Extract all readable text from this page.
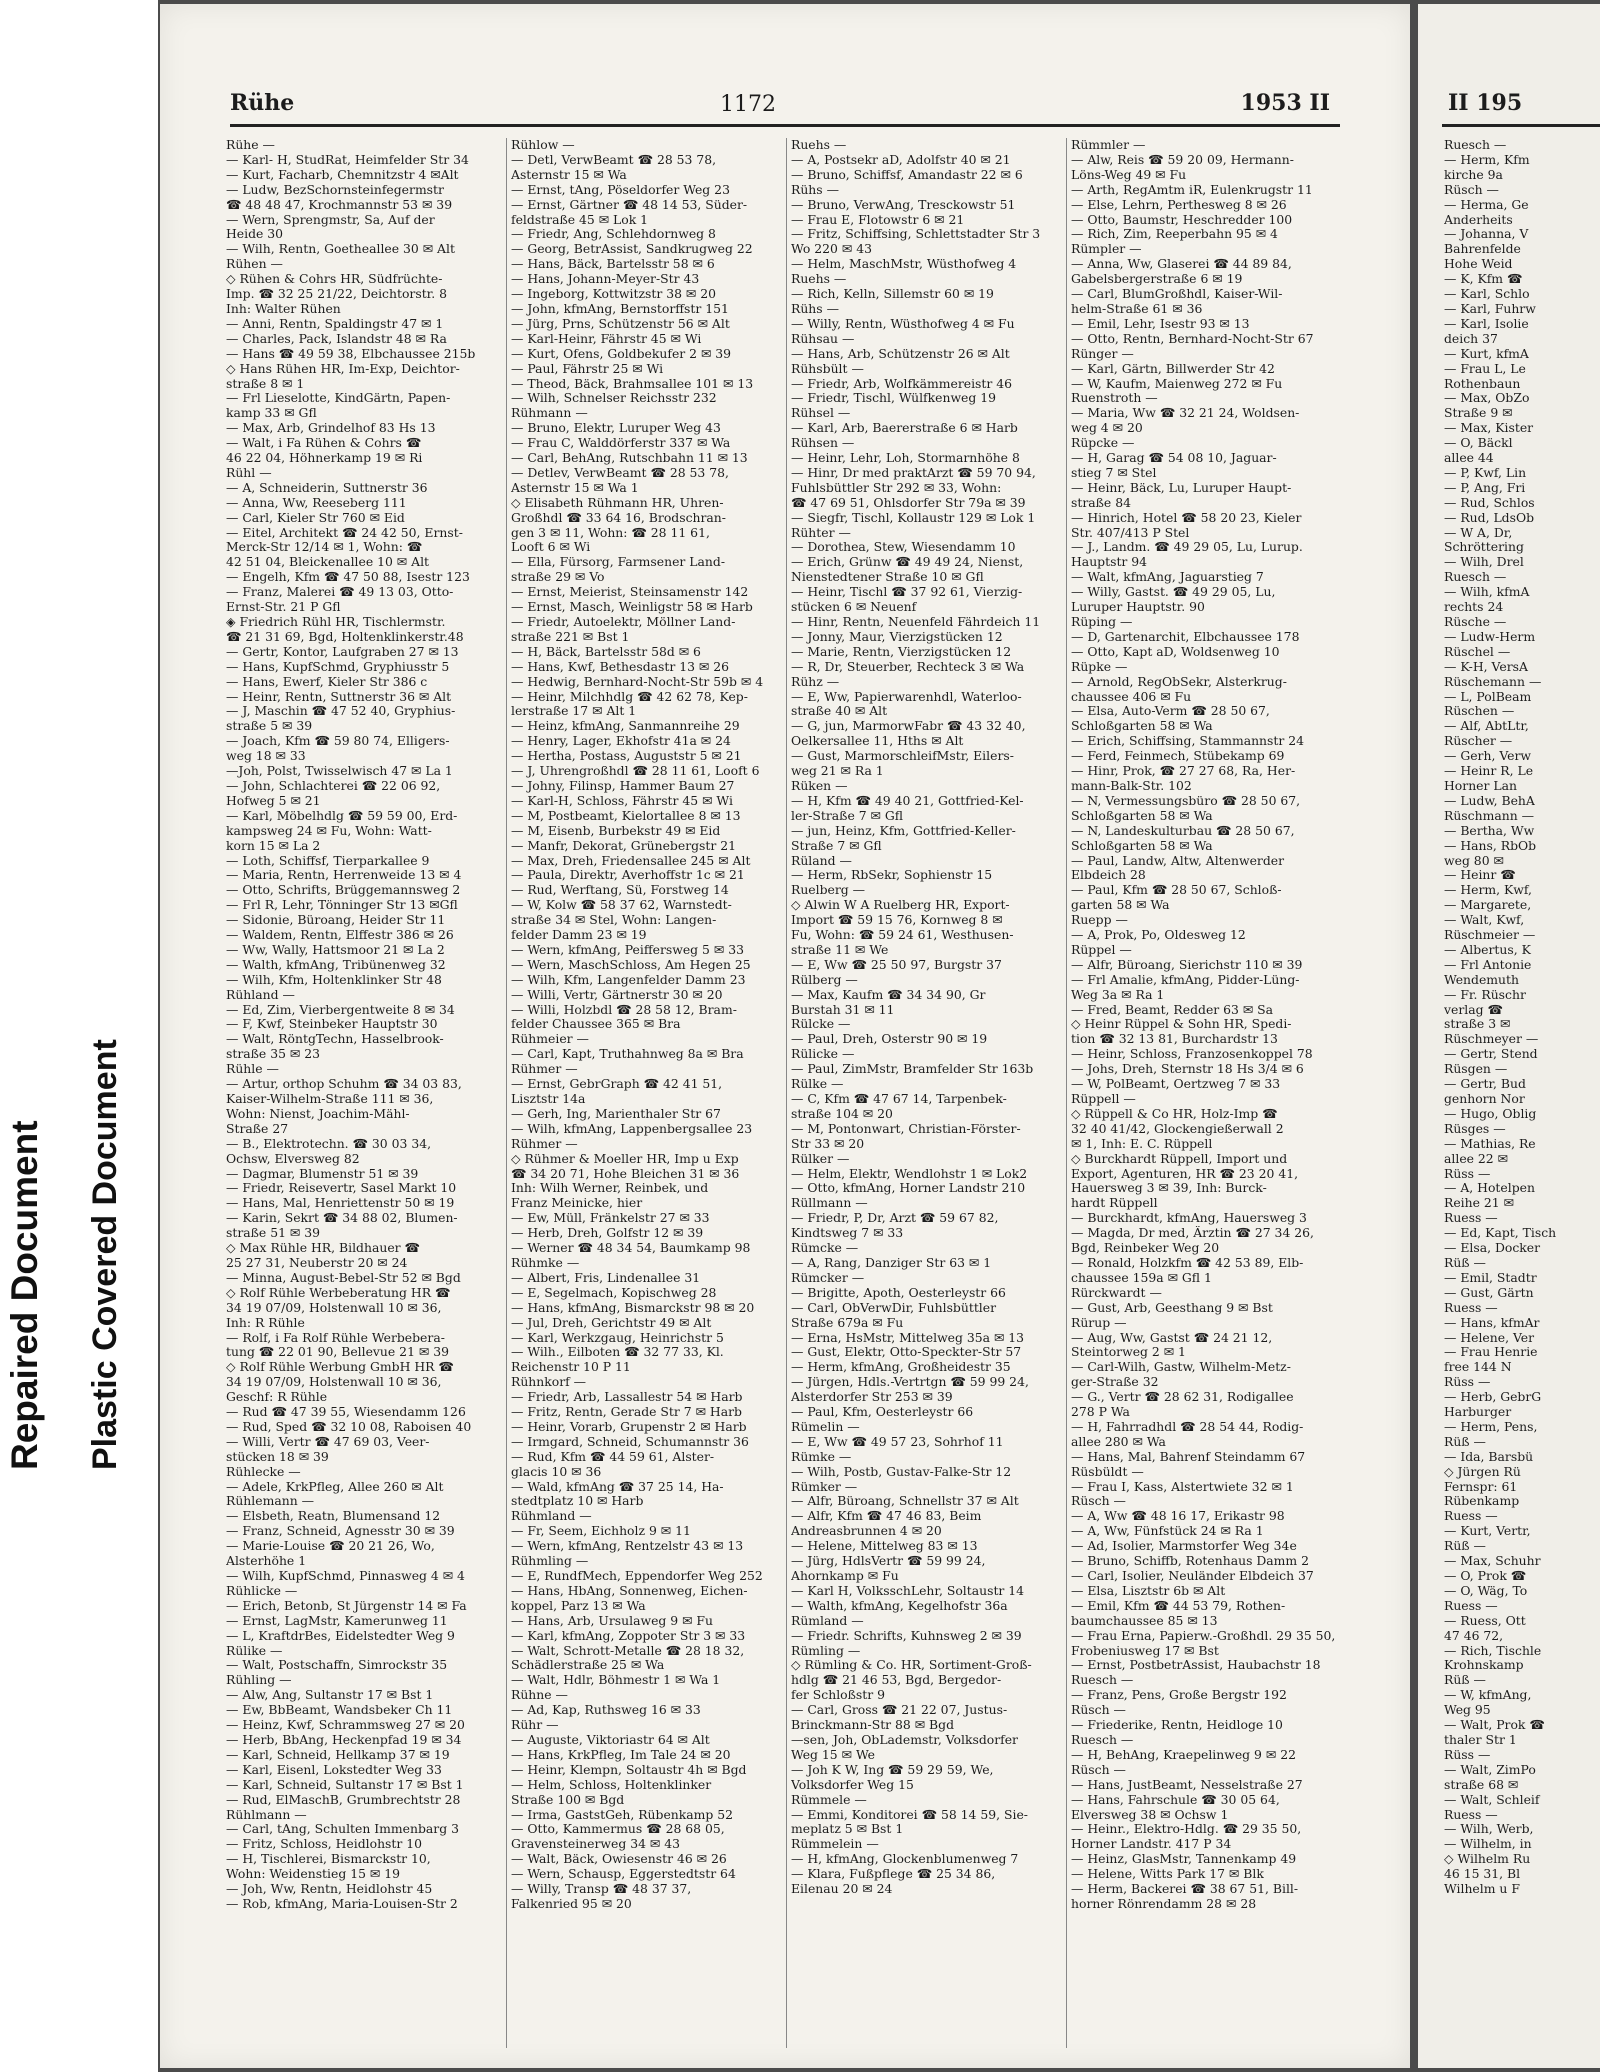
Repaired Document Plastic Covered Document
Rühe	1172	1953 II
Rühe —
— Karl- H, StudRat, Heimfelder Str 34
— Kurt, Facharb, Chemnitzstr 4 ✉Alt
— Ludw, BezSchornsteinfegermstr
☎ 48 48 47, Krochmannstr 53 ✉ 39
— Wern, Sprengmstr, Sa, Auf der
Heide 30
— Wilh, Rentn, Goetheallee 30 ✉ Alt
Rühen —
◇ Rühen & Cohrs HR, Südfrüchte-
Imp. ☎ 32 25 21/22, Deichtorstr. 8
Inh: Walter Rühen
— Anni, Rentn, Spaldingstr 47 ✉ 1
— Charles, Pack, Islandstr 48 ✉ Ra
— Hans ☎ 49 59 38, Elbchaussee 215b
◇ Hans Rühen HR, Im-Exp, Deichtor-
straße 8 ✉ 1
— Frl Lieselotte, KindGärtn, Papen-
kamp 33 ✉ Gfl
— Max, Arb, Grindelhof 83 Hs 13
— Walt, i Fa Rühen & Cohrs ☎
46 22 04, Höhnerkamp 19 ✉ Ri
Rühl —
— A, Schneiderin, Suttnerstr 36
— Anna, Ww, Reeseberg 111
— Carl, Kieler Str 760 ✉ Eid
— Eitel, Architekt ☎ 24 42 50, Ernst-
Merck-Str 12/14 ✉ 1, Wohn: ☎
42 51 04, Bleickenallee 10 ✉ Alt
— Engelh, Kfm ☎ 47 50 88, Isestr 123
— Franz, Malerei ☎ 49 13 03, Otto-
Ernst-Str. 21 P Gfl
◈ Friedrich Rühl HR, Tischlermstr.
☎ 21 31 69, Bgd, Holtenklinkerstr.48
— Gertr, Kontor, Laufgraben 27 ✉ 13
— Hans, KupfSchmd, Gryphiusstr 5
— Hans, Ewerf, Kieler Str 386 c
— Heinr, Rentn, Suttnerstr 36 ✉ Alt
— J, Maschin ☎ 47 52 40, Gryphius-
straße 5 ✉ 39
— Joach, Kfm ☎ 59 80 74, Elligers-
weg 18 ✉ 33
—Joh, Polst, Twisselwisch 47 ✉ La 1
— John, Schlachterei ☎ 22 06 92,
Hofweg 5 ✉ 21
— Karl, Möbelhdlg ☎ 59 59 00, Erd-
kampsweg 24 ✉ Fu, Wohn: Watt-
korn 15 ✉ La 2
— Loth, Schiffsf, Tierparkallee 9
— Maria, Rentn, Herrenweide 13 ✉ 4
— Otto, Schrifts, Brüggemannsweg 2
— Frl R, Lehr, Tönninger Str 13 ✉Gfl
— Sidonie, Büroang, Heider Str 11
— Waldem, Rentn, Elffestr 386 ✉ 26
— Ww, Wally, Hattsmoor 21 ✉ La 2
— Walth, kfmAng, Tribünenweg 32
— Wilh, Kfm, Holtenklinker Str 48
Rühland —
— Ed, Zim, Vierbergentweite 8 ✉ 34
— F, Kwf, Steinbeker Hauptstr 30
— Walt, RöntgTechn, Hasselbrook-
straße 35 ✉ 23
Rühle —
— Artur, orthop Schuhm ☎ 34 03 83,
Kaiser-Wilhelm-Straße 111 ✉ 36,
Wohn: Nienst, Joachim-Mähl-
Straße 27
— B., Elektrotechn. ☎ 30 03 34,
Ochsw, Elversweg 82
— Dagmar, Blumenstr 51 ✉ 39
— Friedr, Reisevertr, Sasel Markt 10
— Hans, Mal, Henriettenstr 50 ✉ 19
— Karin, Sekrt ☎ 34 88 02, Blumen-
straße 51 ✉ 39
◇ Max Rühle HR, Bildhauer ☎
25 27 31, Neuberstr 20 ✉ 24
— Minna, August-Bebel-Str 52 ✉ Bgd
◇ Rolf Rühle Werbeberatung HR ☎
34 19 07/09, Holstenwall 10 ✉ 36,
Inh: R Rühle
— Rolf, i Fa Rolf Rühle Werbebera-
tung ☎ 22 01 90, Bellevue 21 ✉ 39
◇ Rolf Rühle Werbung GmbH HR ☎
34 19 07/09, Holstenwall 10 ✉ 36,
Geschf: R Rühle
— Rud ☎ 47 39 55, Wiesendamm 126
— Rud, Sped ☎ 32 10 08, Raboisen 40
— Willi, Vertr ☎ 47 69 03, Veer-
stücken 18 ✉ 39
Rühlecke —
— Adele, KrkPfleg, Allee 260 ✉ Alt
Rühlemann —
— Elsbeth, Reatn, Blumensand 12
— Franz, Schneid, Agnesstr 30 ✉ 39
— Marie-Louise ☎ 20 21 26, Wo,
Alsterhöhe 1
— Wilh, KupfSchmd, Pinnasweg 4 ✉ 4
Rühlicke —
— Erich, Betonb, St Jürgenstr 14 ✉ Fa
— Ernst, LagMstr, Kamerunweg 11
— L, KraftdrBes, Eidelstedter Weg 9
Rülike —
— Walt, Postschaffn, Simrockstr 35
Rühling —
— Alw, Ang, Sultanstr 17 ✉ Bst 1
— Ew, BbBeamt, Wandsbeker Ch 11
— Heinz, Kwf, Schrammsweg 27 ✉ 20
— Herb, BbAng, Heckenpfad 19 ✉ 34
— Karl, Schneid, Hellkamp 37 ✉ 19
— Karl, Eisenl, Lokstedter Weg 33
— Karl, Schneid, Sultanstr 17 ✉ Bst 1
— Rud, ElMaschB, Grumbrechtstr 28
Rühlmann —
— Carl, tAng, Schulten Immenbarg 3
— Fritz, Schloss, Heidlohstr 10
— H, Tischlerei, Bismarckstr 10,
Wohn: Weidenstieg 15 ✉ 19
— Joh, Ww, Rentn, Heidlohstr 45
— Rob, kfmAng, Maria-Louisen-Str 2
Rühlow —
— Detl, VerwBeamt ☎ 28 53 78,
Asternstr 15 ✉ Wa
— Ernst, tAng, Pöseldorfer Weg 23
— Ernst, Gärtner ☎ 48 14 53, Süder-
feldstraße 45 ✉ Lok 1
— Friedr, Ang, Schlehdornweg 8
— Georg, BetrAssist, Sandkrugweg 22
— Hans, Bäck, Bartelsstr 58 ✉ 6
— Hans, Johann-Meyer-Str 43
— Ingeborg, Kottwitzstr 38 ✉ 20
— John, kfmAng, Bernstorffstr 151
— Jürg, Prns, Schützenstr 56 ✉ Alt
— Karl-Heinr, Fährstr 45 ✉ Wi
— Kurt, Ofens, Goldbekufer 2 ✉ 39
— Paul, Fährstr 25 ✉ Wi
— Theod, Bäck, Brahmsallee 101 ✉ 13
— Wilh, Schnelser Reichsstr 232
Rühmann —
— Bruno, Elektr, Luruper Weg 43
— Frau C, Walddörferstr 337 ✉ Wa
— Carl, BehAng, Rutschbahn 11 ✉ 13
— Detlev, VerwBeamt ☎ 28 53 78,
Asternstr 15 ✉ Wa 1
◇ Elisabeth Rühmann HR, Uhren-
Großhdl ☎ 33 64 16, Brodschran-
gen 3 ✉ 11, Wohn: ☎ 28 11 61,
Looft 6 ✉ Wi
— Ella, Fürsorg, Farmsener Land-
straße 29 ✉ Vo
— Ernst, Meierist, Steinsamenstr 142
— Ernst, Masch, Weinligstr 58 ✉ Harb
— Friedr, Autoelektr, Möllner Land-
straße 221 ✉ Bst 1
— H, Bäck, Bartelsstr 58d ✉ 6
— Hans, Kwf, Bethesdastr 13 ✉ 26
— Hedwig, Bernhard-Nocht-Str 59b ✉ 4
— Heinr, Milchhdlg ☎ 42 62 78, Kep-
lerstraße 17 ✉ Alt 1
— Heinz, kfmAng, Sanmannreihe 29
— Henry, Lager, Ekhofstr 41a ✉ 24
— Hertha, Postass, Auguststr 5 ✉ 21
— J, Uhrengroßhdl ☎ 28 11 61, Looft 6
— Johny, Filinsp, Hammer Baum 27
— Karl-H, Schloss, Fährstr 45 ✉ Wi
— M, Postbeamt, Kielortallee 8 ✉ 13
— M, Eisenb, Burbekstr 49 ✉ Eid
— Manfr, Dekorat, Grünebergstr 21
— Max, Dreh, Friedensallee 245 ✉ Alt
— Paula, Direktr, Averhoffstr 1c ✉ 21
— Rud, Werftang, Sü, Forstweg 14
— W, Kolw ☎ 58 37 62, Warnstedt-
straße 34 ✉ Stel, Wohn: Langen-
felder Damm 23 ✉ 19
— Wern, kfmAng, Peiffersweg 5 ✉ 33
— Wern, MaschSchloss, Am Hegen 25
— Wilh, Kfm, Langenfelder Damm 23
— Willi, Vertr, Gärtnerstr 30 ✉ 20
— Willi, Holzbdl ☎ 28 58 12, Bram-
felder Chaussee 365 ✉ Bra
Rühmeier —
— Carl, Kapt, Truthahnweg 8a ✉ Bra
Rühmer —
— Ernst, GebrGraph ☎ 42 41 51,
Lisztstr 14a
— Gerh, Ing, Marienthaler Str 67
— Wilh, kfmAng, Lappenbergsallee 23
Rühmer —
◇ Rühmer & Moeller HR, Imp u Exp
☎ 34 20 71, Hohe Bleichen 31 ✉ 36
Inh: Wilh Werner, Reinbek, und
Franz Meinicke, hier
— Ew, Müll, Fränkelstr 27 ✉ 33
— Herb, Dreh, Golfstr 12 ✉ 39
— Werner ☎ 48 34 54, Baumkamp 98
Rühmke —
— Albert, Fris, Lindenallee 31
— E, Segelmach, Kopischweg 28
— Hans, kfmAng, Bismarckstr 98 ✉ 20
— Jul, Dreh, Gerichtstr 49 ✉ Alt
— Karl, Werkzgaug, Heinrichstr 5
— Wilh., Eilboten ☎ 32 77 33, Kl.
Reichenstr 10 P 11
Rühnkorf —
— Friedr, Arb, Lassallestr 54 ✉ Harb
— Fritz, Rentn, Gerade Str 7 ✉ Harb
— Heinr, Vorarb, Grupenstr 2 ✉ Harb
— Irmgard, Schneid, Schumannstr 36
— Rud, Kfm ☎ 44 59 61, Alster-
glacis 10 ✉ 36
— Wald, kfmAng ☎ 37 25 14, Ha-
stedtplatz 10 ✉ Harb
Rühmland —
— Fr, Seem, Eichholz 9 ✉ 11
— Wern, kfmAng, Rentzelstr 43 ✉ 13
Rühmling —
— E, RundfMech, Eppendorfer Weg 252
— Hans, HbAng, Sonnenweg, Eichen-
koppel, Parz 13 ✉ Wa
— Hans, Arb, Ursulaweg 9 ✉ Fu
— Karl, kfmAng, Zoppoter Str 3 ✉ 33
— Walt, Schrott-Metalle ☎ 28 18 32,
Schädlerstraße 25 ✉ Wa
— Walt, Hdlr, Böhmestr 1 ✉ Wa 1
Rühne —
— Ad, Kap, Ruthsweg 16 ✉ 33
Rühr —
— Auguste, Viktoriastr 64 ✉ Alt
— Hans, KrkPfleg, Im Tale 24 ✉ 20
— Heinr, Klempn, Soltaustr 4h ✉ Bgd
— Helm, Schloss, Holtenklinker
Straße 100 ✉ Bgd
— Irma, GaststGeh, Rübenkamp 52
— Otto, Kammermus ☎ 28 68 05,
Gravensteinerweg 34 ✉ 43
— Walt, Bäck, Owiesenstr 46 ✉ 26
— Wern, Schausp, Eggerstedtstr 64
— Willy, Transp ☎ 48 37 37,
Falkenried 95 ✉ 20
Ruehs —
— A, Postsekr aD, Adolfstr 40 ✉ 21
— Bruno, Schiffsf, Amandastr 22 ✉ 6
Rühs —
— Bruno, VerwAng, Tresckowstr 51
— Frau E, Flotowstr 6 ✉ 21
— Fritz, Schiffsing, Schlettstadter Str 3
Wo 220 ✉ 43
— Helm, MaschMstr, Wüsthofweg 4
Ruehs —
— Rich, Kelln, Sillemstr 60 ✉ 19
Rühs —
— Willy, Rentn, Wüsthofweg 4 ✉ Fu
Rühsau —
— Hans, Arb, Schützenstr 26 ✉ Alt
Rühsbült —
— Friedr, Arb, Wolfkämmereistr 46
— Friedr, Tischl, Wülfkenweg 19
Rühsel —
— Karl, Arb, Baererstraße 6 ✉ Harb
Rühsen —
— Heinr, Lehr, Loh, Stormarnhöhe 8
— Hinr, Dr med praktArzt ☎ 59 70 94,
Fuhlsbüttler Str 292 ✉ 33, Wohn:
☎ 47 69 51, Ohlsdorfer Str 79a ✉ 39
— Siegfr, Tischl, Kollaustr 129 ✉ Lok 1
Rühter —
— Dorothea, Stew, Wiesendamm 10
— Erich, Grünw ☎ 49 49 24, Nienst,
Nienstedtener Straße 10 ✉ Gfl
— Heinr, Tischl ☎ 37 92 61, Vierzig-
stücken 6 ✉ Neuenf
— Hinr, Rentn, Neuenfeld Fährdeich 11
— Jonny, Maur, Vierzigstücken 12
— Marie, Rentn, Vierzigstücken 12
— R, Dr, Steuerber, Rechteck 3 ✉ Wa
Rühz —
— E, Ww, Papierwarenhdl, Waterloo-
straße 40 ✉ Alt
— G, jun, MarmorwFabr ☎ 43 32 40,
Oelkersallee 11, Hths ✉ Alt
— Gust, MarmorschleifMstr, Eilers-
weg 21 ✉ Ra 1
Rüken —
— H, Kfm ☎ 49 40 21, Gottfried-Kel-
ler-Straße 7 ✉ Gfl
— jun, Heinz, Kfm, Gottfried-Keller-
Straße 7 ✉ Gfl
Rüland —
— Herm, RbSekr, Sophienstr 15
Ruelberg —
◇ Alwin W A Ruelberg HR, Export-
Import ☎ 59 15 76, Kornweg 8 ✉
Fu, Wohn: ☎ 59 24 61, Westhusen-
straße 11 ✉ We
— E, Ww ☎ 25 50 97, Burgstr 37
Rülberg —
— Max, Kaufm ☎ 34 34 90, Gr
Burstah 31 ✉ 11
Rülcke —
— Paul, Dreh, Osterstr 90 ✉ 19
Rülicke —
— Paul, ZimMstr, Bramfelder Str 163b
Rülke —
— C, Kfm ☎ 47 67 14, Tarpenbek-
straße 104 ✉ 20
— M, Pontonwart, Christian-Förster-
Str 33 ✉ 20
Rülker —
— Helm, Elektr, Wendlohstr 1 ✉ Lok2
— Otto, kfmAng, Horner Landstr 210
Rüllmann —
— Friedr, P, Dr, Arzt ☎ 59 67 82,
Kindtsweg 7 ✉ 33
Rümcke —
— A, Rang, Danziger Str 63 ✉ 1
Rümcker —
— Brigitte, Apoth, Oesterleystr 66
— Carl, ObVerwDir, Fuhlsbüttler
Straße 679a ✉ Fu
— Erna, HsMstr, Mittelweg 35a ✉ 13
— Gust, Elektr, Otto-Speckter-Str 57
— Herm, kfmAng, Großheidestr 35
— Jürgen, Hdls.-Vertrtgn ☎ 59 99 24,
Alsterdorfer Str 253 ✉ 39
— Paul, Kfm, Oesterleystr 66
Rümelin —
— E, Ww ☎ 49 57 23, Sohrhof 11
Rümke —
— Wilh, Postb, Gustav-Falke-Str 12
Rümker —
— Alfr, Büroang, Schnellstr 37 ✉ Alt
— Alfr, Kfm ☎ 47 46 83, Beim
Andreasbrunnen 4 ✉ 20
— Helene, Mittelweg 83 ✉ 13
— Jürg, HdlsVertr ☎ 59 99 24,
Ahornkamp ✉ Fu
— Karl H, VolksschLehr, Soltaustr 14
— Walth, kfmAng, Kegelhofstr 36a
Rümland —
— Friedr. Schrifts, Kuhnsweg 2 ✉ 39
Rümling —
◇ Rümling & Co. HR, Sortiment-Groß-
hdlg ☎ 21 46 53, Bgd, Bergedor-
fer Schloßstr 9
— Carl, Gross ☎ 21 22 07, Justus-
Brinckmann-Str 88 ✉ Bgd
—sen, Joh, ObLademstr, Volksdorfer
Weg 15 ✉ We
— Joh K W, Ing ☎ 59 29 59, We,
Volksdorfer Weg 15
Rümmele —
— Emmi, Konditorei ☎ 58 14 59, Sie-
meplatz 5 ✉ Bst 1
Rümmelein —
— H, kfmAng, Glockenblumenweg 7
— Klara, Fußpflege ☎ 25 34 86,
Eilenau 20 ✉ 24
Rümmler —
— Alw, Reis ☎ 59 20 09, Hermann-
Löns-Weg 49 ✉ Fu
— Arth, RegAmtm iR, Eulenkrugstr 11
— Else, Lehrn, Perthesweg 8 ✉ 26
— Otto, Baumstr, Heschredder 100
— Rich, Zim, Reeperbahn 95 ✉ 4
Rümpler —
— Anna, Ww, Glaserei ☎ 44 89 84,
Gabelsbergerstraße 6 ✉ 19
— Carl, BlumGroßhdl, Kaiser-Wil-
helm-Straße 61 ✉ 36
— Emil, Lehr, Isestr 93 ✉ 13
— Otto, Rentn, Bernhard-Nocht-Str 67
Rünger —
— Karl, Gärtn, Billwerder Str 42
— W, Kaufm, Maienweg 272 ✉ Fu
Ruenstroth —
— Maria, Ww ☎ 32 21 24, Woldsen-
weg 4 ✉ 20
Rüpcke —
— H, Garag ☎ 54 08 10, Jaguar-
stieg 7 ✉ Stel
— Heinr, Bäck, Lu, Luruper Haupt-
straße 84
— Hinrich, Hotel ☎ 58 20 23, Kieler
Str. 407/413 P Stel
— J., Landm. ☎ 49 29 05, Lu, Lurup.
Hauptstr 94
— Walt, kfmAng, Jaguarstieg 7
— Willy, Gastst. ☎ 49 29 05, Lu,
Luruper Hauptstr. 90
Rüping —
— D, Gartenarchit, Elbchaussee 178
— Otto, Kapt aD, Woldsenweg 10
Rüpke —
— Arnold, RegObSekr, Alsterkrug-
chaussee 406 ✉ Fu
— Elsa, Auto-Verm ☎ 28 50 67,
Schloßgarten 58 ✉ Wa
— Erich, Schiffsing, Stammannstr 24
— Ferd, Feinmech, Stübekamp 69
— Hinr, Prok, ☎ 27 27 68, Ra, Her-
mann-Balk-Str. 102
— N, Vermessungsbüro ☎ 28 50 67,
Schloßgarten 58 ✉ Wa
— N, Landeskulturbau ☎ 28 50 67,
Schloßgarten 58 ✉ Wa
— Paul, Landw, Altw, Altenwerder
Elbdeich 28
— Paul, Kfm ☎ 28 50 67, Schloß-
garten 58 ✉ Wa
Ruepp —
— A, Prok, Po, Oldesweg 12
Rüppel —
— Alfr, Büroang, Sierichstr 110 ✉ 39
— Frl Amalie, kfmAng, Pidder-Lüng-
Weg 3a ✉ Ra 1
— Fred, Beamt, Redder 63 ✉ Sa
◇ Heinr Rüppel & Sohn HR, Spedi-
tion ☎ 32 13 81, Burchardstr 13
— Heinr, Schloss, Franzosenkoppel 78
— Johs, Dreh, Sternstr 18 Hs 3/4 ✉ 6
— W, PolBeamt, Oertzweg 7 ✉ 33
Rüppell —
◇ Rüppell & Co HR, Holz-Imp ☎
32 40 41/42, Glockengießerwall 2
✉ 1, Inh: E. C. Rüppell
◇ Burckhardt Rüppell, Import und
Export, Agenturen, HR ☎ 23 20 41,
Hauersweg 3 ✉ 39, Inh: Burck-
hardt Rüppell
— Burckhardt, kfmAng, Hauersweg 3
— Magda, Dr med, Ärztin ☎ 27 34 26,
Bgd, Reinbeker Weg 20
— Ronald, Holzkfm ☎ 42 53 89, Elb-
chaussee 159a ✉ Gfl 1
Rürckwardt —
— Gust, Arb, Geesthang 9 ✉ Bst
Rürup —
— Aug, Ww, Gastst ☎ 24 21 12,
Steintorweg 2 ✉ 1
— Carl-Wilh, Gastw, Wilhelm-Metz-
ger-Straße 32
— G., Vertr ☎ 28 62 31, Rodigallee
278 P Wa
— H, Fahrradhdl ☎ 28 54 44, Rodig-
allee 280 ✉ Wa
— Hans, Mal, Bahrenf Steindamm 67
Rüsbüldt —
— Frau I, Kass, Alstertwiete 32 ✉ 1
Rüsch —
— A, Ww ☎ 48 16 17, Erikastr 98
— A, Ww, Fünfstück 24 ✉ Ra 1
— Ad, Isolier, Marmstorfer Weg 34e
— Bruno, Schiffb, Rotenhaus Damm 2
— Carl, Isolier, Neuländer Elbdeich 37
— Elsa, Lisztstr 6b ✉ Alt
— Emil, Kfm ☎ 44 53 79, Rothen-
baumchaussee 85 ✉ 13
— Frau Erna, Papierw.-Großhdl. 29 35 50,
Frobeniusweg 17 ✉ Bst
— Ernst, PostbetrAssist, Haubachstr 18
Ruesch —
— Franz, Pens, Große Bergstr 192
Rüsch —
— Friederike, Rentn, Heidloge 10
Ruesch —
— H, BehAng, Kraepelinweg 9 ✉ 22
Rüsch —
— Hans, JustBeamt, Nesselstraße 27
— Hans, Fahrschule ☎ 30 05 64,
Elversweg 38 ✉ Ochsw 1
— Heinr., Elektro-Hdlg. ☎ 29 35 50,
Horner Landstr. 417 P 34
— Heinz, GlasMstr, Tannenkamp 49
— Helene, Witts Park 17 ✉ Blk
— Herm, Backerei ☎ 38 67 51, Bill-
horner Rönrendamm 28 ✉ 28
II 195
Ruesch —
— Herm, Kfm
kirche 9a
Rüsch —
— Herma, Ge
Anderheits
— Johanna, V
Bahrenfelde
Hohe Weid
— K, Kfm ☎
— Karl, Schlo
— Karl, Fuhrw
— Karl, Isolie
deich 37
— Kurt, kfmA
— Frau L, Le
Rothenbaun
— Max, ObZo
Straße 9 ✉
— Max, Kister
— O, Bäckl
allee 44
— P, Kwf, Lin
— P, Ang, Fri
— Rud, Schlos
— Rud, LdsOb
— W A, Dr,
Schröttering
— Wilh, Drel
Ruesch —
— Wilh, kfmA
rechts 24
Rüsche —
— Ludw-Herm
Rüschel —
— K-H, VersA
Rüschemann —
— L, PolBeam
Rüschen —
— Alf, AbtLtr,
Rüscher —
— Gerh, Verw
— Heinr R, Le
Horner Lan
— Ludw, BehA
Rüschmann —
— Bertha, Ww
— Hans, RbOb
weg 80 ✉
— Heinr ☎
— Herm, Kwf,
— Margarete,
— Walt, Kwf,
Rüschmeier —
— Albertus, K
— Frl Antonie
Wendemuth
— Fr. Rüschr
verlag ☎
straße 3 ✉
Rüschmeyer —
— Gertr, Stend
Rüsgen —
— Gertr, Bud
genhorn Nor
— Hugo, Oblig
Rüsges —
— Mathias, Re
allee 22 ✉
Rüss —
— A, Hotelpen
Reihe 21 ✉
Ruess —
— Ed, Kapt, Tisch
— Elsa, Docker
Rüß —
— Emil, Stadtr
— Gust, Gärtn
Ruess —
— Hans, kfmAr
— Helene, Ver
— Frau Henrie
free 144 N
Rüss —
— Herb, GebrG
Harburger
— Herm, Pens,
Rüß —
— Ida, Barsbü
◇ Jürgen Rü
Fernspr: 61
Rübenkamp
Ruess —
— Kurt, Vertr,
Rüß —
— Max, Schuhr
— O, Prok ☎
— O, Wäg, To
Ruess —
— Ruess, Ott
47 46 72,
— Rich, Tischle
Krohnskamp
Rüß —
— W, kfmAng,
Weg 95
— Walt, Prok ☎
thaler Str 1
Rüss —
— Walt, ZimPo
straße 68 ✉
— Walt, Schleif
Ruess —
— Wilh, Werb,
— Wilhelm, in
◇ Wilhelm Ru
46 15 31, Bl
Wilhelm u F
